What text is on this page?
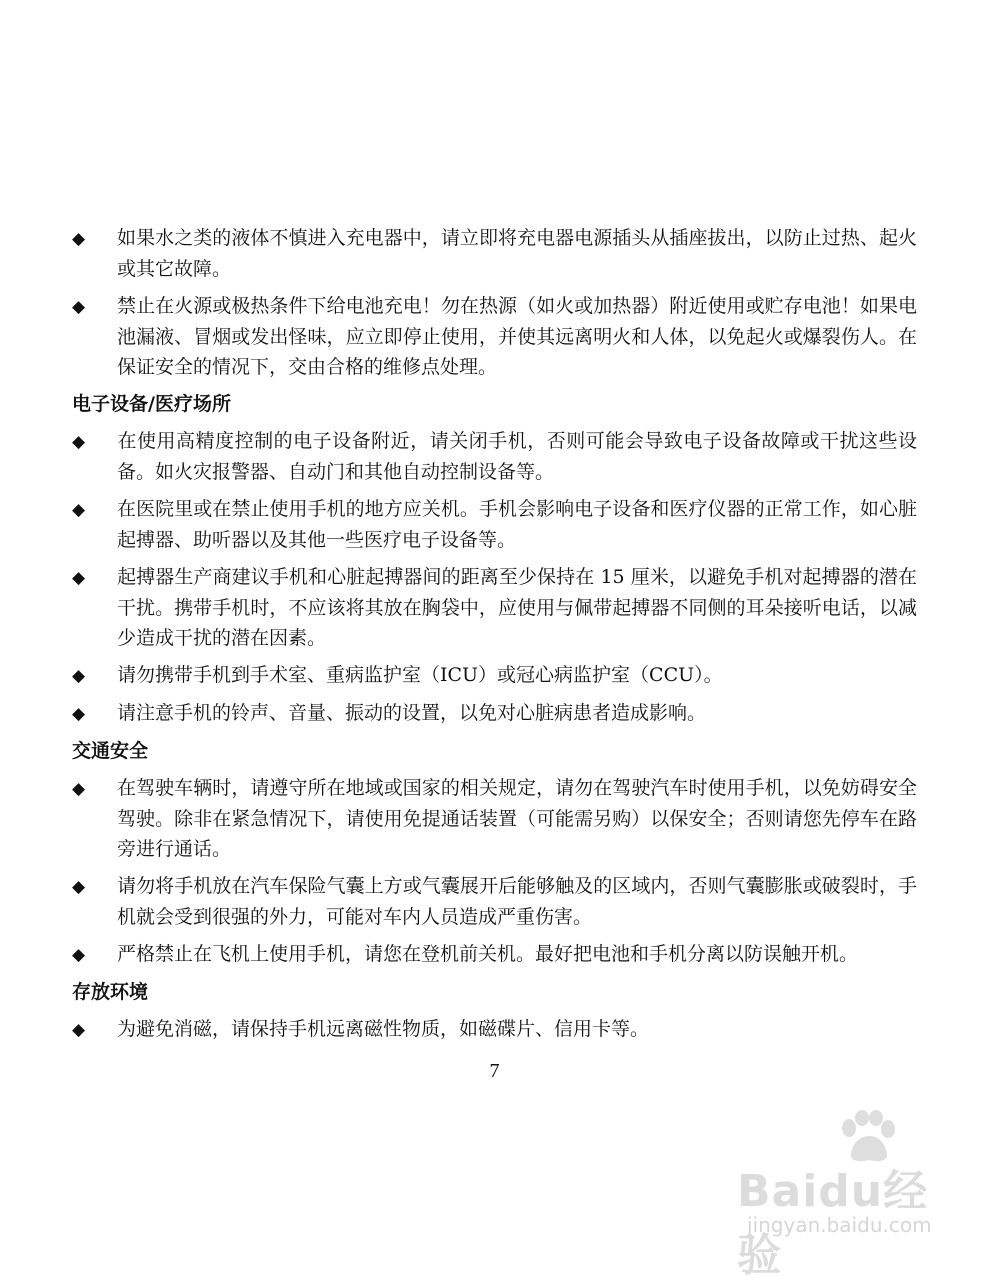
◆ 如果水之类的液体不慎进入充电器中，请立即将充电器电源插头从插座拔出，以防止过热、起火或其它故障。
◆ 禁止在火源或极热条件下给电池充电！勿在热源（如火或加热器）附近使用或贮存电池！如果电池漏液、冒烟或发出怪味，应立即停止使用，并使其远离明火和人体，以免起火或爆裂伤人。在保证安全的情况下，交由合格的维修点处理。
电子设备/医疗场所
◆ 在使用高精度控制的电子设备附近，请关闭手机，否则可能会导致电子设备故障或干扰这些设备。如火灾报警器、自动门和其他自动控制设备等。
◆ 在医院里或在禁止使用手机的地方应关机。手机会影响电子设备和医疗仪器的正常工作，如心脏起搏器、助听器以及其他一些医疗电子设备等。
◆ 起搏器生产商建议手机和心脏起搏器间的距离至少保持在 15 厘米，以避免手机对起搏器的潜在干扰。携带手机时，不应该将其放在胸袋中，应使用与佩带起搏器不同侧的耳朵接听电话，以减少造成干扰的潜在因素。
◆ 请勿携带手机到手术室、重病监护室（ICU）或冠心病监护室（CCU）。
◆ 请注意手机的铃声、音量、振动的设置，以免对心脏病患者造成影响。
交通安全
◆ 在驾驶车辆时，请遵守所在地域或国家的相关规定，请勿在驾驶汽车时使用手机，以免妨碍安全驾驶。除非在紧急情况下，请使用免提通话装置（可能需另购）以保安全；否则请您先停车在路旁进行通话。
◆ 请勿将手机放在汽车保险气囊上方或气囊展开后能够触及的区域内，否则气囊膨胀或破裂时，手机就会受到很强的外力，可能对车内人员造成严重伤害。
◆ 严格禁止在飞机上使用手机，请您在登机前关机。最好把电池和手机分离以防误触开机。
存放环境
◆ 为避免消磁，请保持手机远离磁性物质，如磁碟片、信用卡等。
7
Baidu经验
jingyan.baidu.com
